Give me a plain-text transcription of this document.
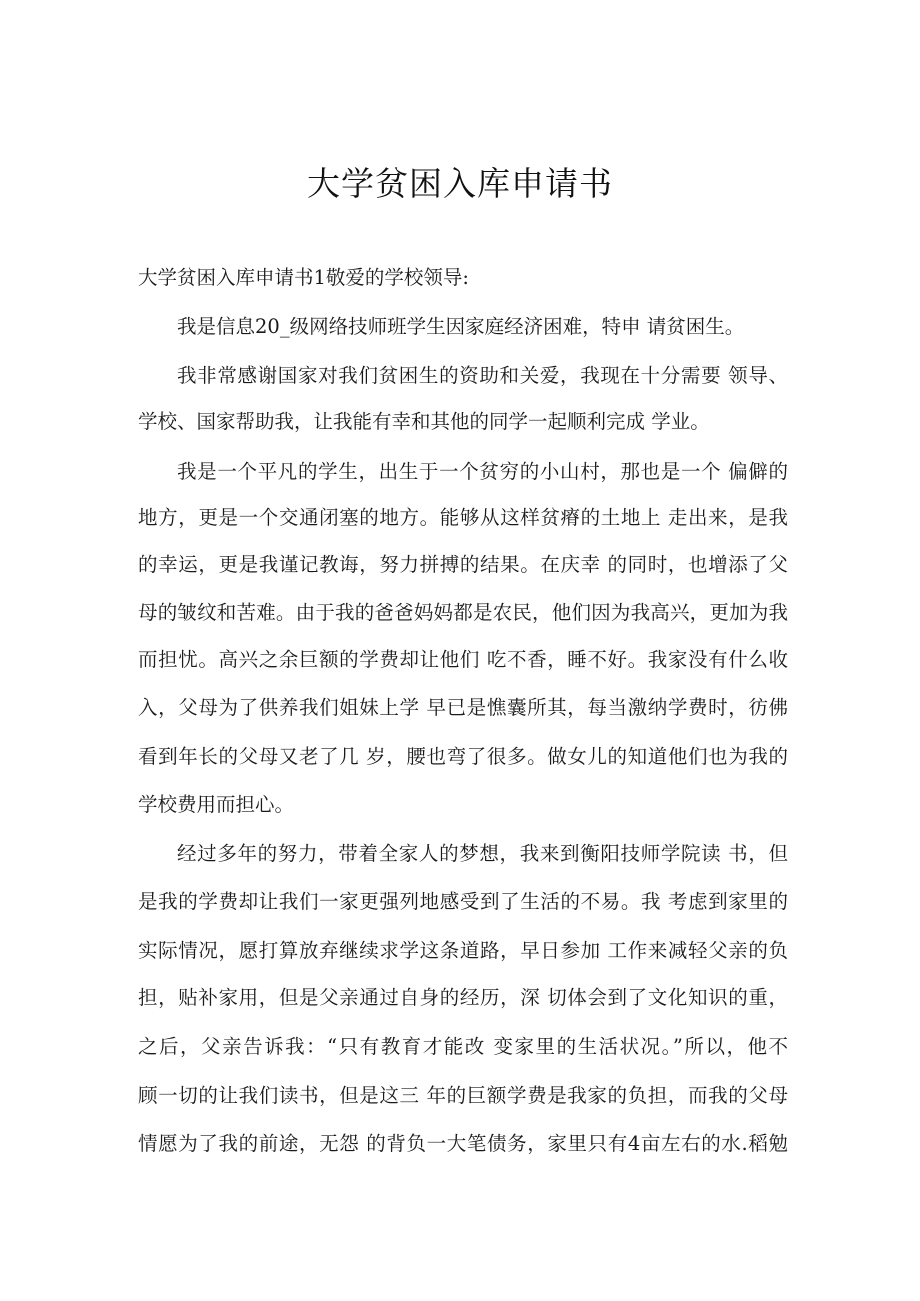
大学贫困入库申请书
大学贫困入库申请书1敬爱的学校领导:
我是信息20_级网络技师班学生因家庭经济困难，特申 请贫困生。
我非常感谢国家对我们贫困生的资助和关爱，我现在十分需要 领导、
学校、国家帮助我，让我能有幸和其他的同学一起顺利完成 学业。
我是一个平凡的学生，出生于一个贫穷的小山村，那也是一个 偏僻的
地方，更是一个交通闭塞的地方。能够从这样贫瘠的土地上 走出来，是我
的幸运，更是我谨记教诲，努力拼搏的结果。在庆幸 的同时，也增添了父
母的皱纹和苦难。由于我的爸爸妈妈都是农民，他们因为我高兴，更加为我
而担忧。高兴之余巨额的学费却让他们 吃不香，睡不好。我家没有什么收
入，父母为了供养我们姐妹上学 早已是憔囊所其，每当激纳学费时，彷佛
看到年长的父母又老了几 岁，腰也弯了很多。做女儿的知道他们也为我的
学校费用而担心。
经过多年的努力，带着全家人的梦想，我来到衡阳技师学院读 书，但
是我的学费却让我们一家更强列地感受到了生活的不易。我 考虑到家里的
实际情况，愿打算放弃继续求学这条道路，早日参加 工作来减轻父亲的负
担，贴补家用，但是父亲通过自身的经历，深 切体会到了文化知识的重，
之后，父亲告诉我：“只有教育才能改 变家里的生活状况。”所以，他不
顾一切的让我们读书，但是这三 年的巨额学费是我家的负担，而我的父母
情愿为了我的前途，无怨 的背负一大笔债务，家里只有4亩左右的水.稻勉
